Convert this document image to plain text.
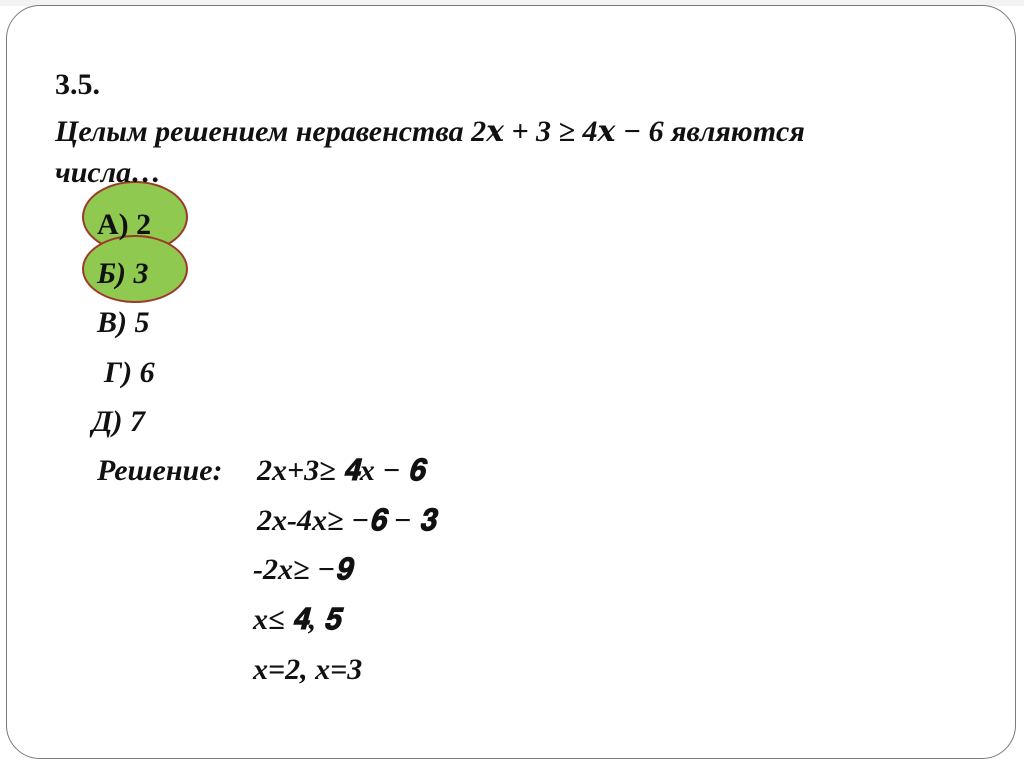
3.5.
Целым решением неравенства 2𝒙 + 3 ≥ 4𝒙 − 6 являются
числа…
А) 2
Б) 3
В) 5
Г) 6
Д) 7
Решение: 2x+3≥ 𝟒x − 𝟔
2x-4x≥ −𝟔 − 𝟑
-2x≥ −𝟗
x≤ 𝟒, 𝟓
x=2, x=3
